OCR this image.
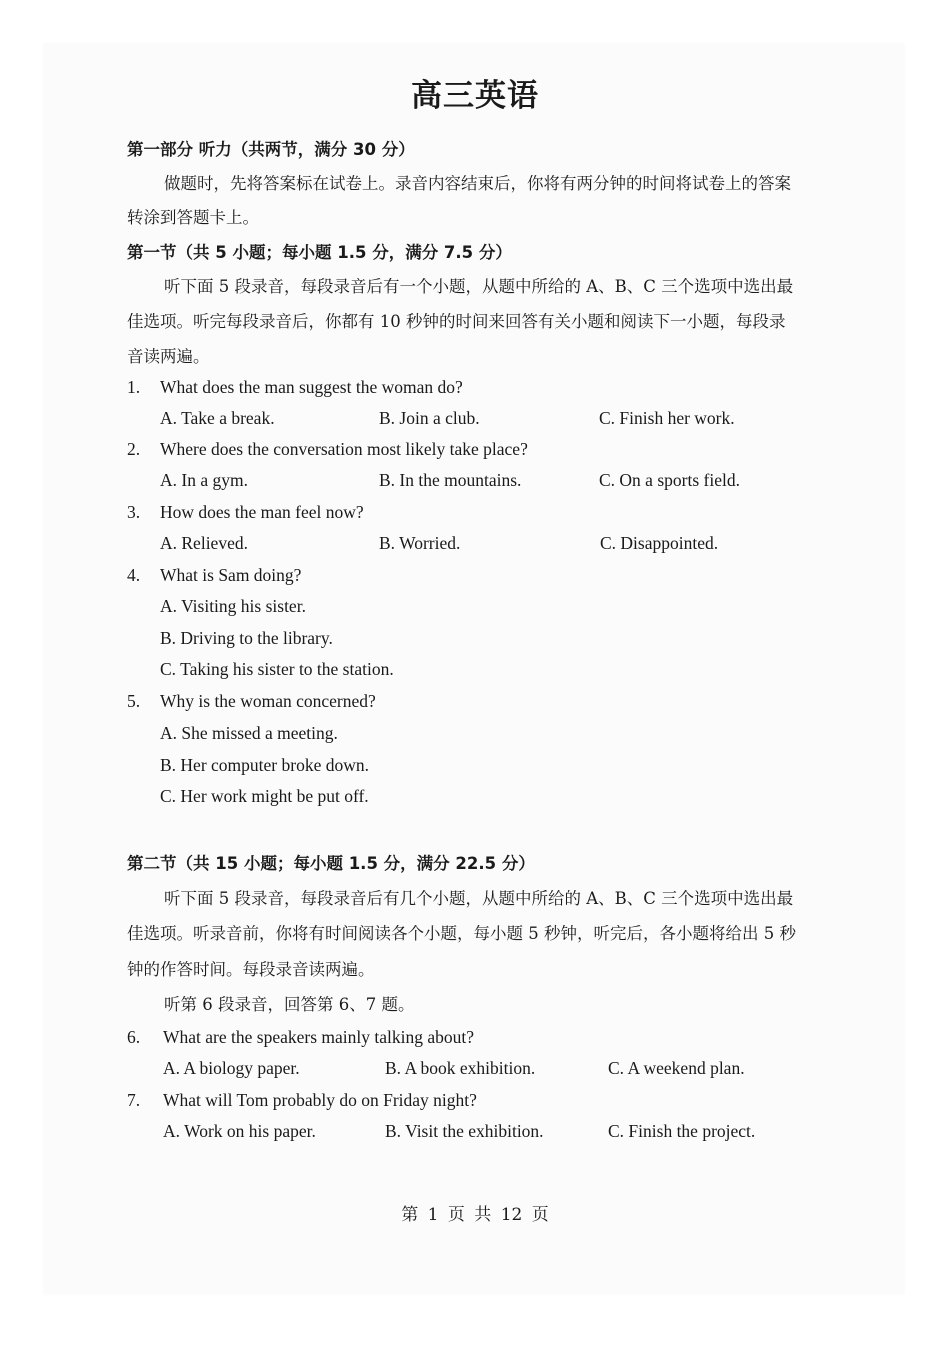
高三英语
第一部分 听力（共两节，满分 30 分）
做题时，先将答案标在试卷上。录音内容结束后，你将有两分钟的时间将试卷上的答案
转涂到答题卡上。
第一节（共 5 小题；每小题 1.5 分，满分 7.5 分）
听下面 5 段录音，每段录音后有一个小题，从题中所给的 A、B、C 三个选项中选出最
佳选项。听完每段录音后，你都有 10 秒钟的时间来回答有关小题和阅读下一小题，每段录
音读两遍。
1. What does the man suggest the woman do?
A. Take a break.	B. Join a club.	C. Finish her work.
2. Where does the conversation most likely take place?
A. In a gym.	B. In the mountains.	C. On a sports field.
3. How does the man feel now?
A. Relieved.	B. Worried.	C. Disappointed.
4. What is Sam doing?
A. Visiting his sister.
B. Driving to the library.
C. Taking his sister to the station.
5. Why is the woman concerned?
A. She missed a meeting.
B. Her computer broke down.
C. Her work might be put off.
第二节（共 15 小题；每小题 1.5 分，满分 22.5 分）
听下面 5 段录音，每段录音后有几个小题，从题中所给的 A、B、C 三个选项中选出最
佳选项。听录音前，你将有时间阅读各个小题，每小题 5 秒钟，听完后，各小题将给出 5 秒
钟的作答时间。每段录音读两遍。
听第 6 段录音，回答第 6、7 题。
6. What are the speakers mainly talking about?
A. A biology paper.	B. A book exhibition.	C. A weekend plan.
7. What will Tom probably do on Friday night?
A. Work on his paper.	B. Visit the exhibition.	C. Finish the project.
第 1 页 共 12 页
